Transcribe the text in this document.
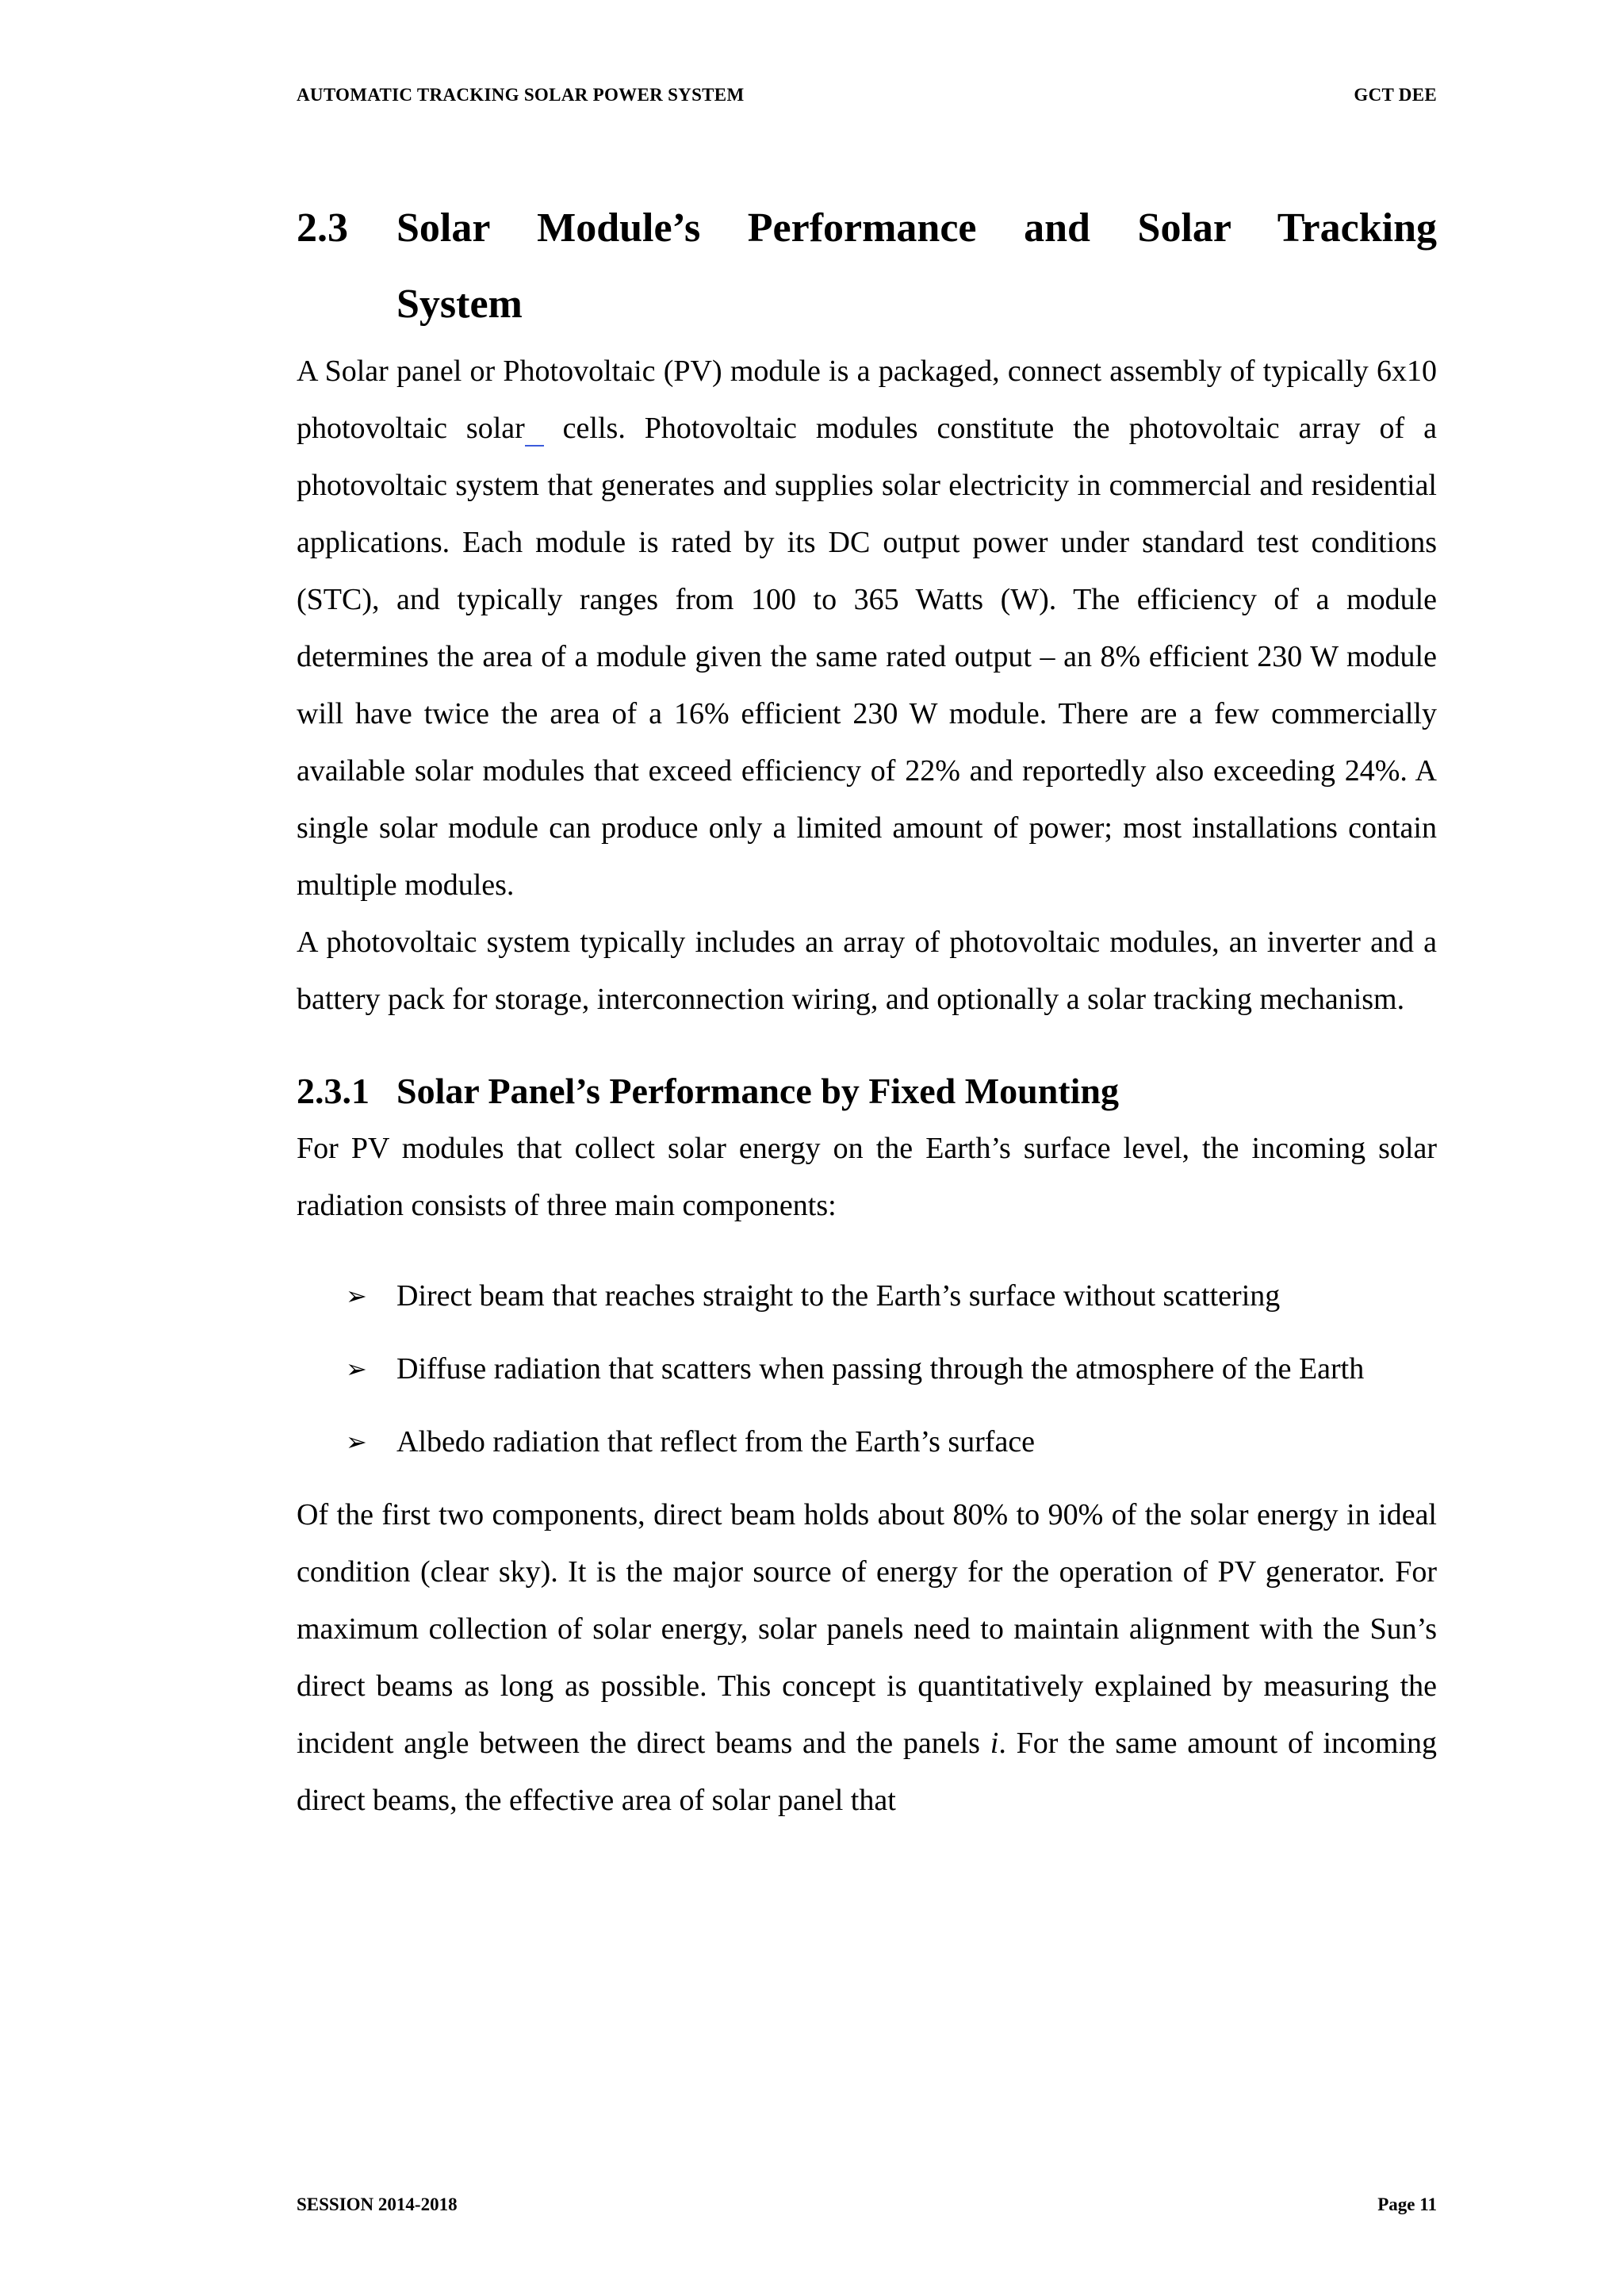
AUTOMATIC TRACKING SOLAR POWER SYSTEM	GCT DEE
2.3	Solar Module’s Performance and Solar Tracking
System

A Solar panel or Photovoltaic (PV) module is a packaged, connect assembly of typically 6x10 photovoltaic solar  cells. Photovoltaic modules constitute the photovoltaic array of a photovoltaic system that generates and supplies solar electricity in commercial and residential applications. Each module is rated by its DC output power under standard test conditions (STC), and typically ranges from 100 to 365 Watts (W). The efficiency of a module determines the area of a module given the same rated output – an 8% efficient 230 W module will have twice the area of a 16% efficient 230 W module. There are a few commercially available solar modules that exceed efficiency of 22% and reportedly also exceeding 24%. A single solar module can produce only a limited amount of power; most installations contain multiple modules.

A photovoltaic system typically includes an array of photovoltaic modules, an inverter and a battery pack for storage, interconnection wiring, and optionally a solar tracking mechanism.

2.3.1 Solar Panel’s Performance by Fixed Mounting

For PV modules that collect solar energy on the Earth’s surface level, the incoming solar radiation consists of three main components:

➢ Direct beam that reaches straight to the Earth’s surface without scattering
➢ Diffuse radiation that scatters when passing through the atmosphere of the Earth
➢ Albedo radiation that reflect from the Earth’s surface

Of the first two components, direct beam holds about 80% to 90% of the solar energy in ideal condition (clear sky). It is the major source of energy for the operation of PV generator. For maximum collection of solar energy, solar panels need to maintain alignment with the Sun’s direct beams as long as possible. This concept is quantitatively explained by measuring the incident angle between the direct beams and the panels i. For the same amount of incoming direct beams, the effective area of solar panel that

SESSION 2014-2018	Page 11
